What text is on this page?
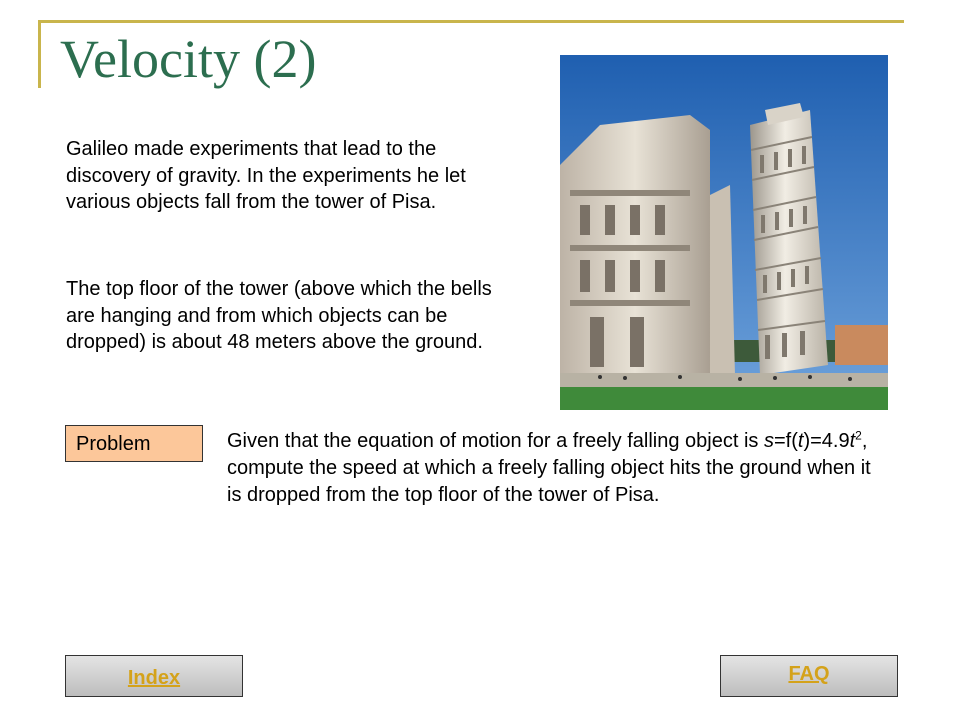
Velocity (2)

Galileo made experiments that lead to the discovery of gravity. In the experiments he let various objects fall from the tower of Pisa.

The top floor of the tower (above which the bells are hanging and from which objects can be dropped) is about 48 meters above the ground.

Problem	Given that the equation of motion for a freely falling object is $s=f(t)=4.9t^2$, compute the speed at which a freely falling object hits the ground when it is dropped from the top floor of the tower of Pisa.

Index	FAQ
